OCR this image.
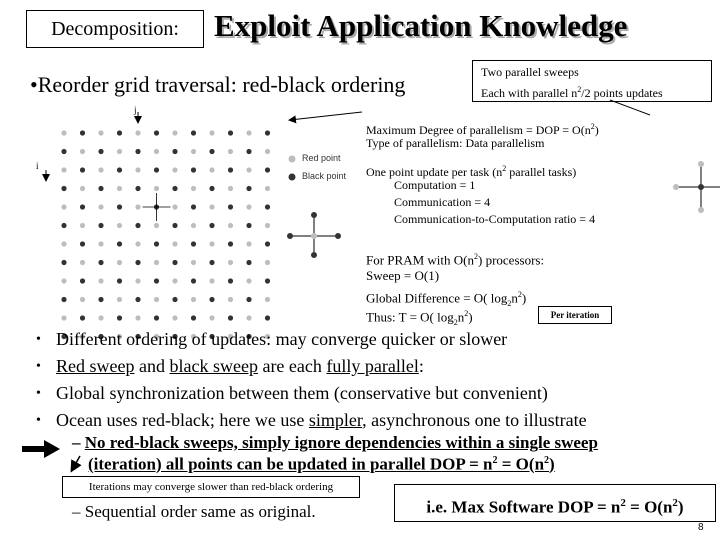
Decomposition:	Exploit Application Knowledge
•Reorder grid traversal: red-black ordering	Two parallel sweeps
Each with parallel $n^2/2$ points updates
j
i
Red point
Black point
Maximum Degree of parallelism = DOP = $O(n^2)$
Type of parallelism: Data parallelism
One point update per task ($n^2$ parallel tasks)
Computation = 1
Communication = 4
Communication-to-Computation ratio = 4
For PRAM with $O(n^2)$ processors:
Sweep = O(1)
Global Difference = O( $\log_2n^2$)
Thus: T = O( $\log_2n^2$)	Per iteration
• Different ordering of updates: may converge quicker or slower
• Red sweep and black sweep are each fully parallel:
• Global synchronization between them (conservative but convenient)
• Ocean uses red-black; here we use simpler, asynchronous one to illustrate
– No red-black sweeps, simply ignore dependencies within a single sweep
(iteration) all points can be updated in parallel DOP = $n^2 = O(n^2)$
Iterations may converge slower than red-black ordering
– Sequential order same as original.	i.e. Max Software DOP = $n^2 = O(n^2)$
8
